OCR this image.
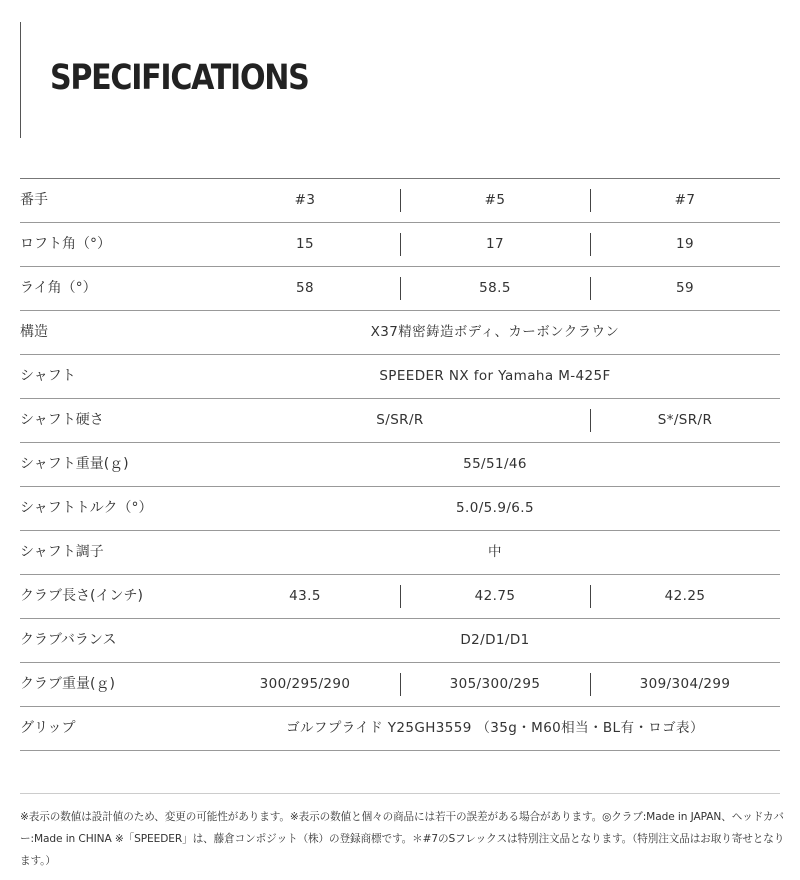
SPECIFICATIONS
番手	#3	#5	#7
ロフト角（°）	15	17	19
ライ角（°）	58	58.5	59
構造	X37精密鋳造ボディ、カーボンクラウン
シャフト	SPEEDER NX for Yamaha M-425F
シャフト硬さ	S/SR/R	S*/SR/R
シャフト重量(ｇ)	55/51/46
シャフトトルク（°）	5.0/5.9/6.5
シャフト調子	中
クラブ長さ(インチ)	43.5	42.75	42.25
クラブバランス	D2/D1/D1
クラブ重量(ｇ)	300/295/290	305/300/295	309/304/299
グリップ	ゴルフプライド Y25GH3559 （35g・M60相当・BL有・ロゴ表）

※表示の数値は設計値のため、変更の可能性があります。※表示の数値と個々の商品には若干の誤差がある場合があります。◎クラブ:Made in JAPAN、ヘッドカバー:Made in CHINA ※「SPEEDER」は、藤倉コンポジット（株）の登録商標です。＊#7のSフレックスは特別注文品となります。（特別注文品はお取り寄せとなります。）
